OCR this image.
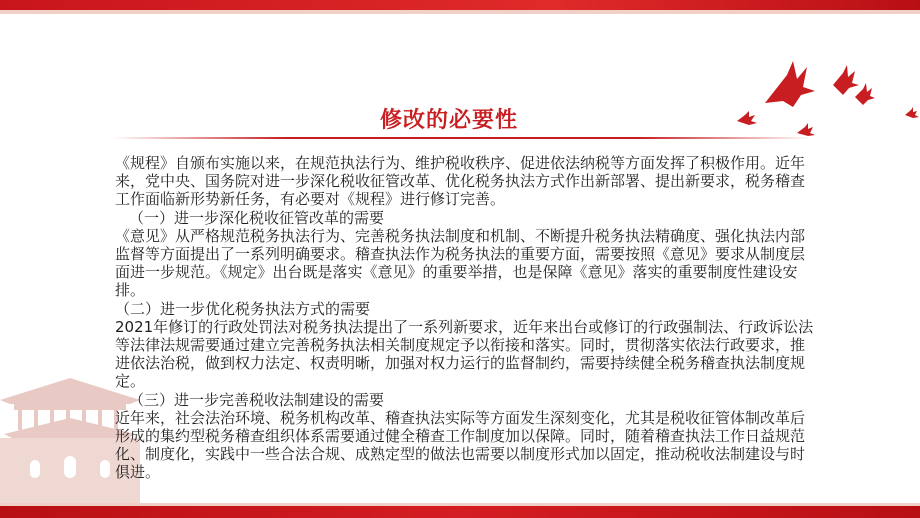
修改的必要性

《规程》自颁布实施以来，在规范执法行为、维护税收秩序、促进依法纳税等方面发挥了积极作用。近年来，党中央、国务院对进一步深化税收征管改革、优化税务执法方式作出新部署、提出新要求，税务稽查工作面临新形势新任务，有必要对《规程》进行修订完善。

（一）进一步深化税收征管改革的需要

《意见》从严格规范税务执法行为、完善税务执法制度和机制、不断提升税务执法精确度、强化执法内部监督等方面提出了一系列明确要求。稽查执法作为税务执法的重要方面，需要按照《意见》要求从制度层面进一步规范。《规定》出台既是落实《意见》的重要举措，也是保障《意见》落实的重要制度性建设安排。

（二）进一步优化税务执法方式的需要

2021年修订的行政处罚法对税务执法提出了一系列新要求，近年来出台或修订的行政强制法、行政诉讼法等法律法规需要通过建立完善税务执法相关制度规定予以衔接和落实。同时，贯彻落实依法行政要求，推进依法治税，做到权力法定、权责明晰，加强对权力运行的监督制约，需要持续健全税务稽查执法制度规定。

（三）进一步完善税收法制建设的需要

近年来，社会法治环境、税务机构改革、稽查执法实际等方面发生深刻变化，尤其是税收征管体制改革后形成的集约型税务稽查组织体系需要通过健全稽查工作制度加以保障。同时，随着稽查执法工作日益规范化、制度化，实践中一些合法合规、成熟定型的做法也需要以制度形式加以固定，推动税收法制建设与时俱进。
